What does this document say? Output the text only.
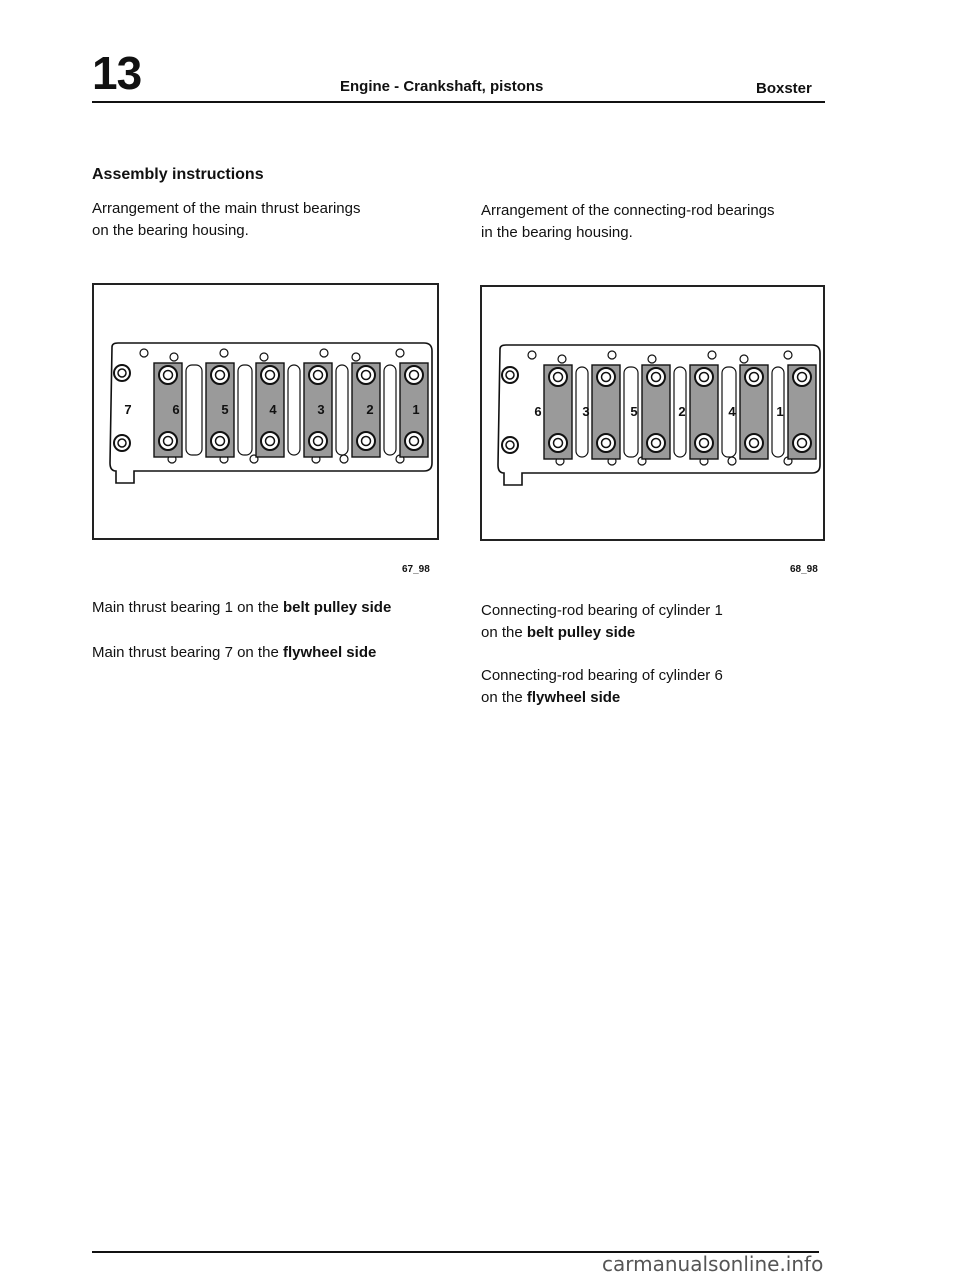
13	Engine - Crankshaft, pistons	Boxster
Assembly instructions
Arrangement of the main thrust bearings
on the bearing housing.
Arrangement of the connecting-rod bearings
in the bearing housing.
7	6	5	4	3	2	1
67_98
6	3	5	2	4	1
68_98
Main thrust bearing 1 on the belt pulley side
Main thrust bearing 7 on the flywheel side
Connecting-rod bearing of cylinder 1
on the belt pulley side
Connecting-rod bearing of cylinder 6
on the flywheel side
carmanualsonline.info
